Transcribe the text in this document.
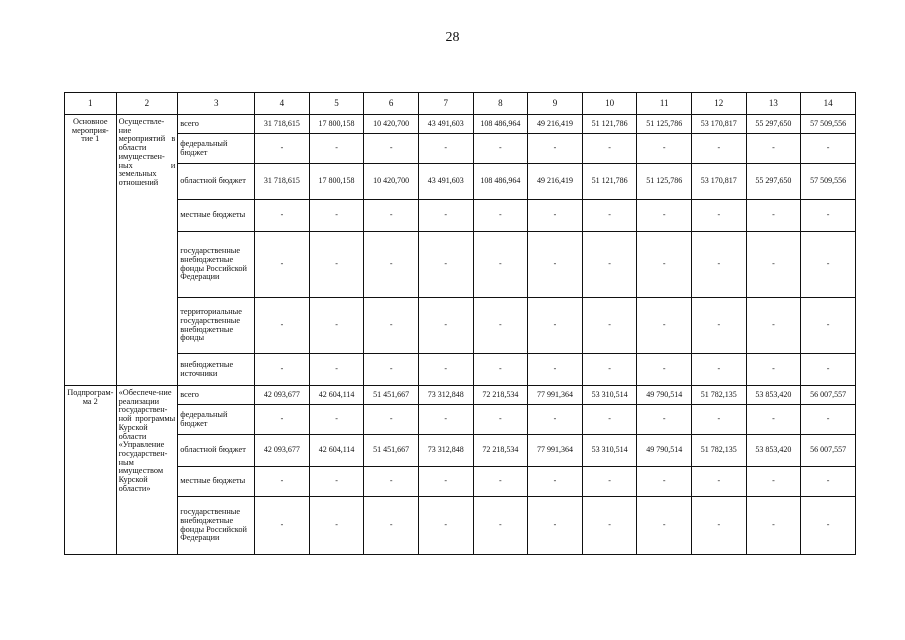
28
1	2	3	4	5	6	7	8	9	10	11	12	13	14
Основное мероприя-тие 1	Осуществле-ние мероприятий в области имуществен-ных и земельных отношений	всего	31 718,615	17 800,158	10 420,700	43 491,603	108 486,964	49 216,419	51 121,786	51 125,786	53 170,817	55 297,650	57 509,556
		федеральный бюджет	-	-	-	-	-	-	-	-	-	-	-
		областной бюджет	31 718,615	17 800,158	10 420,700	43 491,603	108 486,964	49 216,419	51 121,786	51 125,786	53 170,817	55 297,650	57 509,556
		местные бюджеты	-	-	-	-	-	-	-	-	-	-	-
		государственные внебюджетные фонды Российской Федерации	-	-	-	-	-	-	-	-	-	-	-
		территориальные государственные внебюджетные фонды	-	-	-	-	-	-	-	-	-	-	-
		внебюджетные источники	-	-	-	-	-	-	-	-	-	-	-
Подпрограм-ма 2	«Обеспече-ние реализации государствен-ной программы Курской области «Управление государствен-ным имуществом Курской области»	всего	42 093,677	42 604,114	51 451,667	73 312,848	72 218,534	77 991,364	53 310,514	49 790,514	51 782,135	53 853,420	56 007,557
		федеральный бюджет	-	-	-	-	-	-	-	-	-	-	-
		областной бюджет	42 093,677	42 604,114	51 451,667	73 312,848	72 218,534	77 991,364	53 310,514	49 790,514	51 782,135	53 853,420	56 007,557
		местные бюджеты	-	-	-	-	-	-	-	-	-	-	-
		государственные внебюджетные фонды Российской Федерации	-	-	-	-	-	-	-	-	-	-	-
